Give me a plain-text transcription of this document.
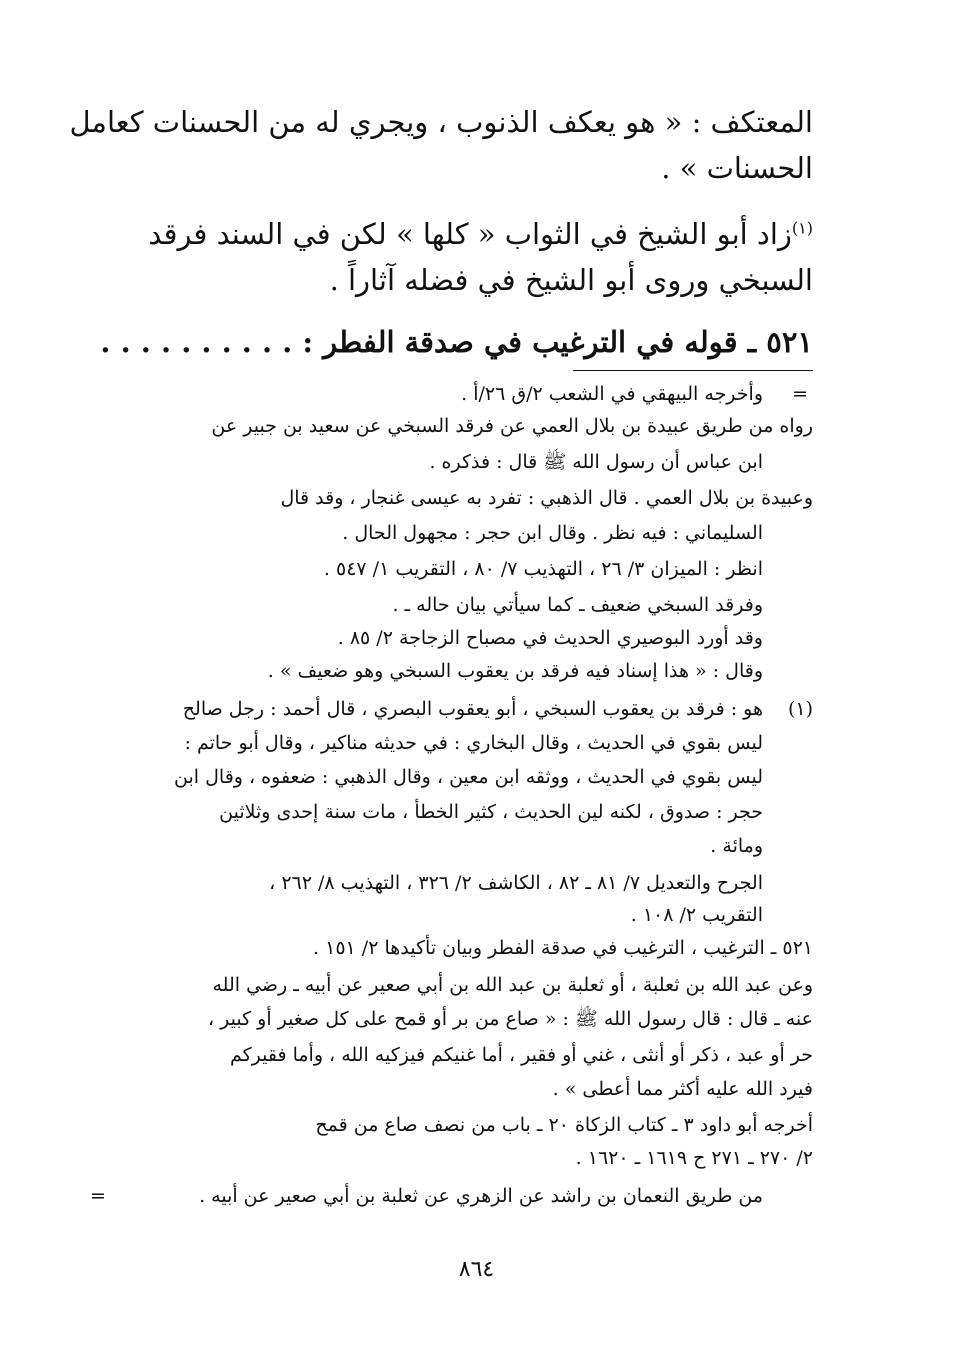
المعتكف : « هو يعكف الذنوب ، ويجري له من الحسنات كعامل
الحسنات » .
$^{(١)}$زاد أبو الشيخ في الثواب « كلها » لكن في السند فرقد
السبخي وروى أبو الشيخ في فضله آثاراً .
٥٢١ ـ قوله في الترغيب في صدقة الفطر : . . . . . . . . . .
=
وأخرجه البيهقي في الشعب ٢/ق ٢٦/أ .
رواه من طريق عبيدة بن بلال العمي عن فرقد السبخي عن سعيد بن جبير عن
ابن عباس أن رسول الله ﷺ قال : فذكره .
وعبيدة بن بلال العمي . قال الذهبي : تفرد به عيسى غنجار ، وقد قال
السليماني : فيه نظر . وقال ابن حجر : مجهول الحال .
انظر : الميزان ٣/ ٢٦ ، التهذيب ٧/ ٨٠ ، التقريب ١/ ٥٤٧ .
وفرقد السبخي ضعيف ـ كما سيأتي بيان حاله ـ .
وقد أورد البوصيري الحديث في مصباح الزجاجة ٢/ ٨٥ .
وقال : « هذا إسناد فيه فرقد بن يعقوب السبخي وهو ضعيف » .
(١)
هو : فرقد بن يعقوب السبخي ، أبو يعقوب البصري ، قال أحمد : رجل صالح
ليس بقوي في الحديث ، وقال البخاري : في حديثه مناكير ، وقال أبو حاتم :
ليس بقوي في الحديث ، ووثقه ابن معين ، وقال الذهبي : ضعفوه ، وقال ابن
حجر : صدوق ، لكنه لين الحديث ، كثير الخطأ ، مات سنة إحدى وثلاثين
ومائة .
الجرح والتعديل ٧/ ٨١ ـ ٨٢ ، الكاشف ٢/ ٣٢٦ ، التهذيب ٨/ ٢٦٢ ،
التقريب ٢/ ١٠٨ .
٥٢١ ـ الترغيب ، الترغيب في صدقة الفطر وبيان تأكيدها ٢/ ١٥١ .
وعن عبد الله بن ثعلبة ، أو ثعلبة بن عبد الله بن أبي صعير عن أبيه ـ رضي الله
عنه ـ قال : قال رسول الله ﷺ : « صاع من بر أو قمح على كل صغير أو كبير ،
حر أو عبد ، ذكر أو أنثى ، غني أو فقير ، أما غنيكم فيزكيه الله ، وأما فقيركم
فيرد الله عليه أكثر مما أعطى » .
أخرجه أبو داود ٣ ـ كتاب الزكاة ٢٠ ـ باب من نصف صاع من قمح
٢/ ٢٧٠ ـ ٢٧١ ح ١٦١٩ ـ ١٦٢٠ .
من طريق النعمان بن راشد عن الزهري عن ثعلبة بن أبي صعير عن أبيه .
=
٨٦٤
